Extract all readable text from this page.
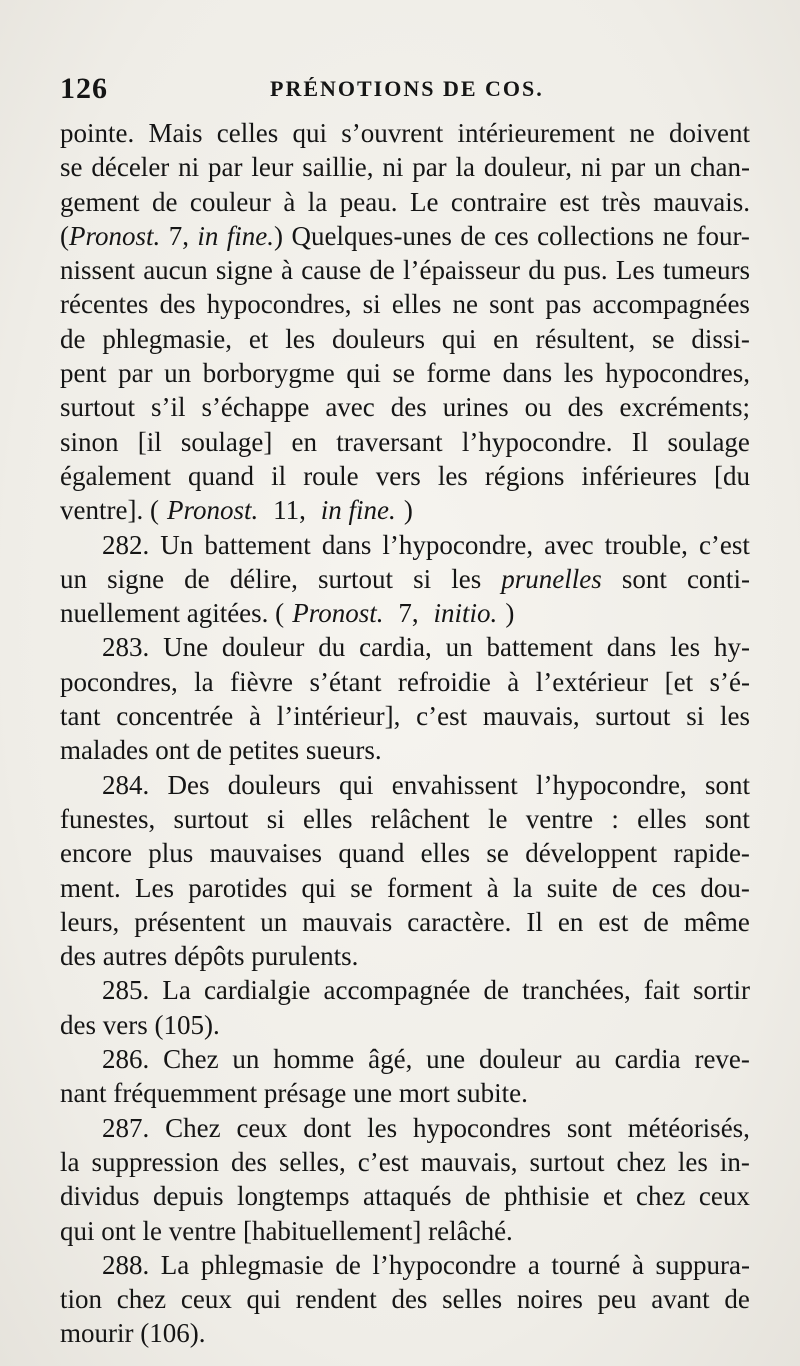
126	PRÉNOTIONS DE COS.
pointe. Mais celles qui s’ouvrent intérieurement ne doivent
se déceler ni par leur saillie, ni par la douleur, ni par un chan-
gement de couleur à la peau. Le contraire est très mauvais.
(Pronost. 7, in fine.) Quelques-unes de ces collections ne four-
nissent aucun signe à cause de l’épaisseur du pus. Les tumeurs
récentes des hypocondres, si elles ne sont pas accompagnées
de phlegmasie, et les douleurs qui en résultent, se dissi-
pent par un borborygme qui se forme dans les hypocondres,
surtout s’il s’échappe avec des urines ou des excréments;
sinon [il soulage] en traversant l’hypocondre. Il soulage
également quand il roule vers les régions inférieures [du
ventre]. ( Pronost. 11, in fine. )
282. Un battement dans l’hypocondre, avec trouble, c’est
un signe de délire, surtout si les prunelles sont conti-
nuellement agitées. ( Pronost. 7, initio. )
283. Une douleur du cardia, un battement dans les hy-
pocondres, la fièvre s’étant refroidie à l’extérieur [et s’é-
tant concentrée à l’intérieur], c’est mauvais, surtout si les
malades ont de petites sueurs.
284. Des douleurs qui envahissent l’hypocondre, sont
funestes, surtout si elles relâchent le ventre : elles sont
encore plus mauvaises quand elles se développent rapide-
ment. Les parotides qui se forment à la suite de ces dou-
leurs, présentent un mauvais caractère. Il en est de même
des autres dépôts purulents.
285. La cardialgie accompagnée de tranchées, fait sortir
des vers (105).
286. Chez un homme âgé, une douleur au cardia reve-
nant fréquemment présage une mort subite.
287. Chez ceux dont les hypocondres sont météorisés,
la suppression des selles, c’est mauvais, surtout chez les in-
dividus depuis longtemps attaqués de phthisie et chez ceux
qui ont le ventre [habituellement] relâché.
288. La phlegmasie de l’hypocondre a tourné à suppura-
tion chez ceux qui rendent des selles noires peu avant de
mourir (106).
